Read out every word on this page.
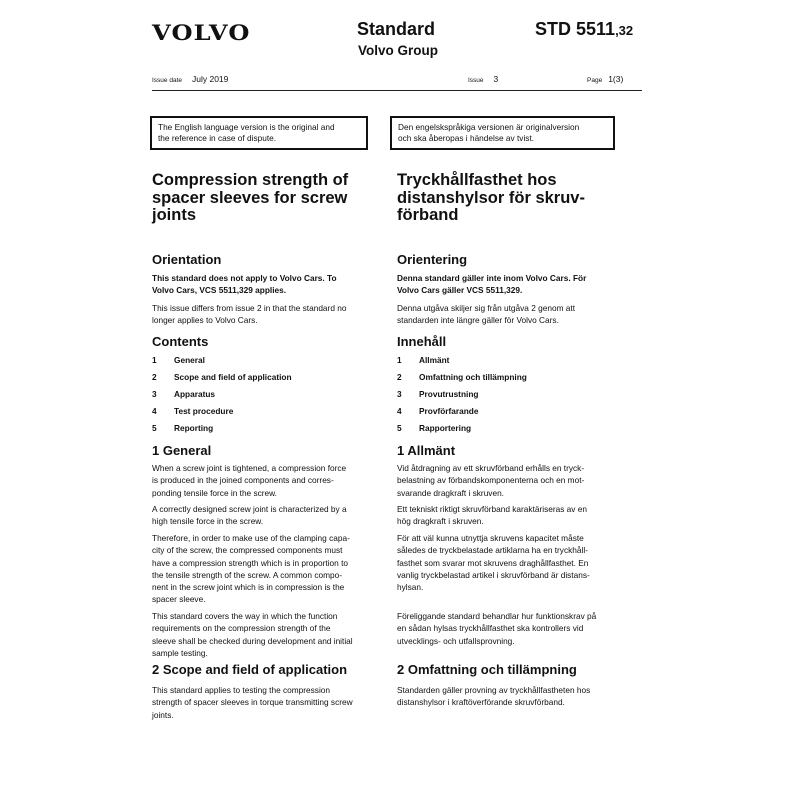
VOLVO	Standard
Volvo Group
STD 5511,32
Issue date July 2019	Issue 3	Page 1(3)
The English language version is the original and
the reference in case of dispute.
Den engelskspråkiga versionen är originalversion
och ska åberopas i händelse av tvist.
Compression strength of
spacer sleeves for screw
joints
Orientation
This standard does not apply to Volvo Cars. To
Volvo Cars, VCS 5511,329 applies.
This issue differs from issue 2 in that the standard no
longer applies to Volvo Cars.
Contents
1 General
2 Scope and field of application
3 Apparatus
4 Test procedure
5 Reporting
1 General
When a screw joint is tightened, a compression force
is produced in the joined components and corres-
ponding tensile force in the screw.
A correctly designed screw joint is characterized by a
high tensile force in the screw.
Therefore, in order to make use of the clamping capa-
city of the screw, the compressed components must
have a compression strength which is in proportion to
the tensile strength of the screw. A common compo-
nent in the screw joint which is in compression is the
spacer sleeve.
This standard covers the way in which the function
requirements on the compression strength of the
sleeve shall be checked during development and initial
sample testing.
2 Scope and field of application
This standard applies to testing the compression
strength of spacer sleeves in torque transmitting screw
joints.
Tryckhållfasthet hos
distanshylsor för skruv-
förband
Orientering
Denna standard gäller inte inom Volvo Cars. För
Volvo Cars gäller VCS 5511,329.
Denna utgåva skiljer sig från utgåva 2 genom att
standarden inte längre gäller för Volvo Cars.
Innehåll
1 Allmänt
2 Omfattning och tillämpning
3 Provutrustning
4 Provförfarande
5 Rapportering
1 Allmänt
Vid åtdragning av ett skruvförband erhålls en tryck-
belastning av förbandskomponenterna och en mot-
svarande dragkraft i skruven.
Ett tekniskt riktigt skruvförband karaktäriseras av en
hög dragkraft i skruven.
För att väl kunna utnyttja skruvens kapacitet måste
således de tryckbelastade artiklarna ha en tryckhåll-
fasthet som svarar mot skruvens draghållfasthet. En
vanlig tryckbelastad artikel i skruvförband är distans-
hylsan.
Föreliggande standard behandlar hur funktionskrav på
en sådan hylsas tryckhållfasthet ska kontrollers vid
utvecklings- och utfallsprovning.
2 Omfattning och tillämpning
Standarden gäller provning av tryckhållfastheten hos
distanshylsor i kraftöverförande skruvförband.
